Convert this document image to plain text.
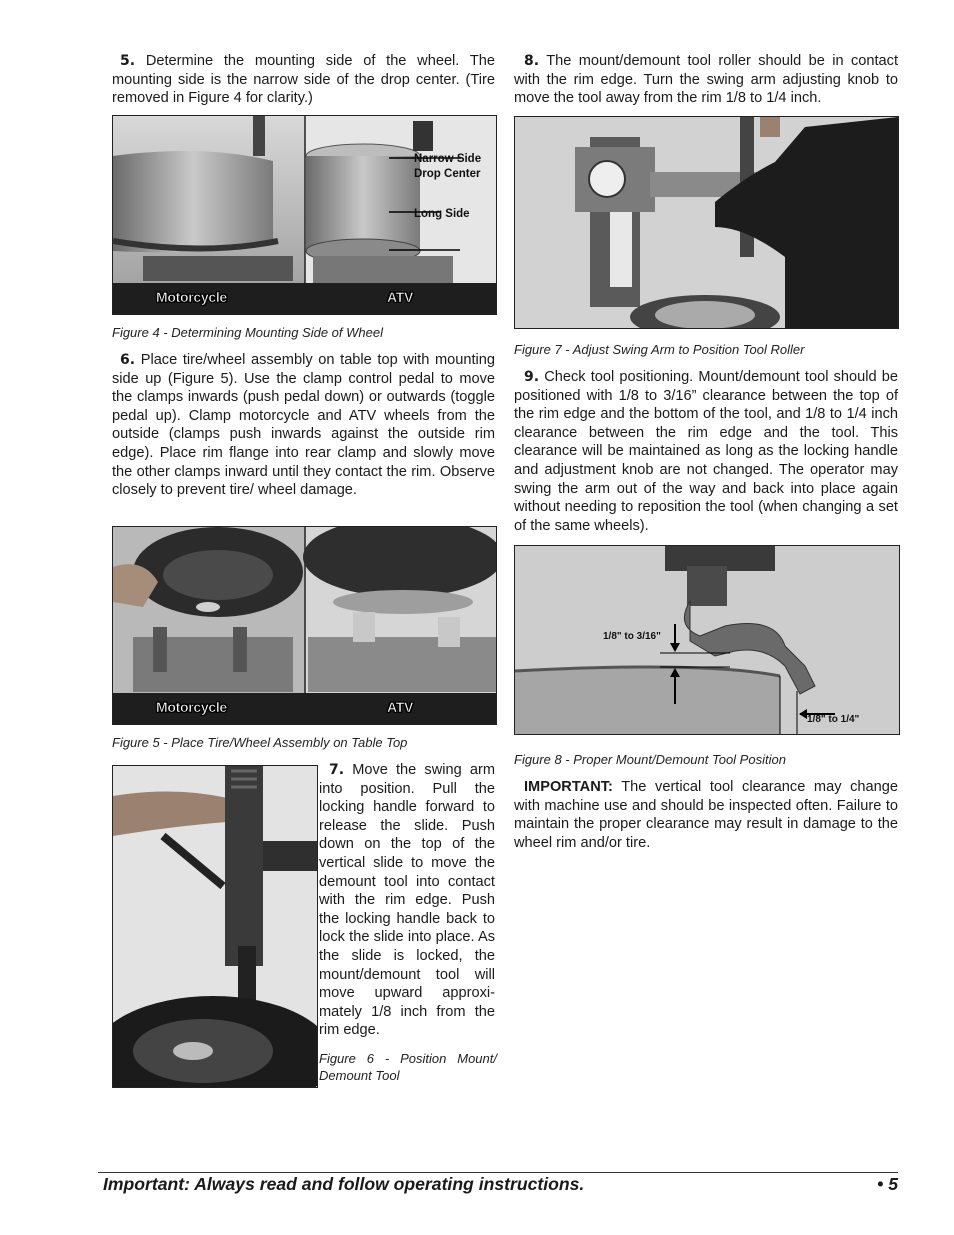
5. Determine the mounting side of the wheel. The mounting side is the narrow side of the drop center. (Tire removed in Figure 4 for clarity.)

Narrow Side
Drop Center
Long Side
Motorcycle	ATV
Figure 4 - Determining Mounting Side of Wheel

6. Place tire/wheel assembly on table top with mounting side up (Figure 5). Use the clamp control pedal to move the clamps inwards (push pedal down) or outwards (toggle pedal up). Clamp motorcycle and ATV wheels from the outside (clamps push inwards against the outside rim edge). Place rim flange into rear clamp and slowly move the other clamps inward until they contact the rim. Observe closely to prevent tire/ wheel damage.

Motorcycle	ATV
Figure 5 - Place Tire/Wheel Assembly on Table Top

7. Move the swing arm into position. Pull the locking handle forward to release the slide. Push down on the top of the vertical slide to move the demount tool into contact with the rim edge. Push the locking handle back to lock the slide into place. As the slide is locked, the mount/demount tool will move upward approxi- mately 1/8 inch from the rim edge.

Figure 6 - Position Mount/ Demount Tool

8. The mount/demount tool roller should be in contact with the rim edge. Turn the swing arm adjusting knob to move the tool away from the rim 1/8 to 1/4 inch.

Figure 7 - Adjust Swing Arm to Position Tool Roller

9. Check tool positioning. Mount/demount tool should be positioned with 1/8 to 3/16” clearance between the top of the rim edge and the bottom of the tool, and 1/8 to 1/4 inch clearance between the rim edge and the tool. This clearance will be maintained as long as the locking handle and adjustment knob are not changed. The operator may swing the arm out of the way and back into place again without needing to reposition the tool (when changing a set of the same wheels).

1/8" to 3/16"
1/8" to 1/4"
Figure 8 - Proper Mount/Demount Tool Position

IMPORTANT: The vertical tool clearance may change with machine use and should be inspected often. Failure to maintain the proper clearance may result in damage to the wheel rim and/or tire.

Important: Always read and follow operating instructions.	• 5
